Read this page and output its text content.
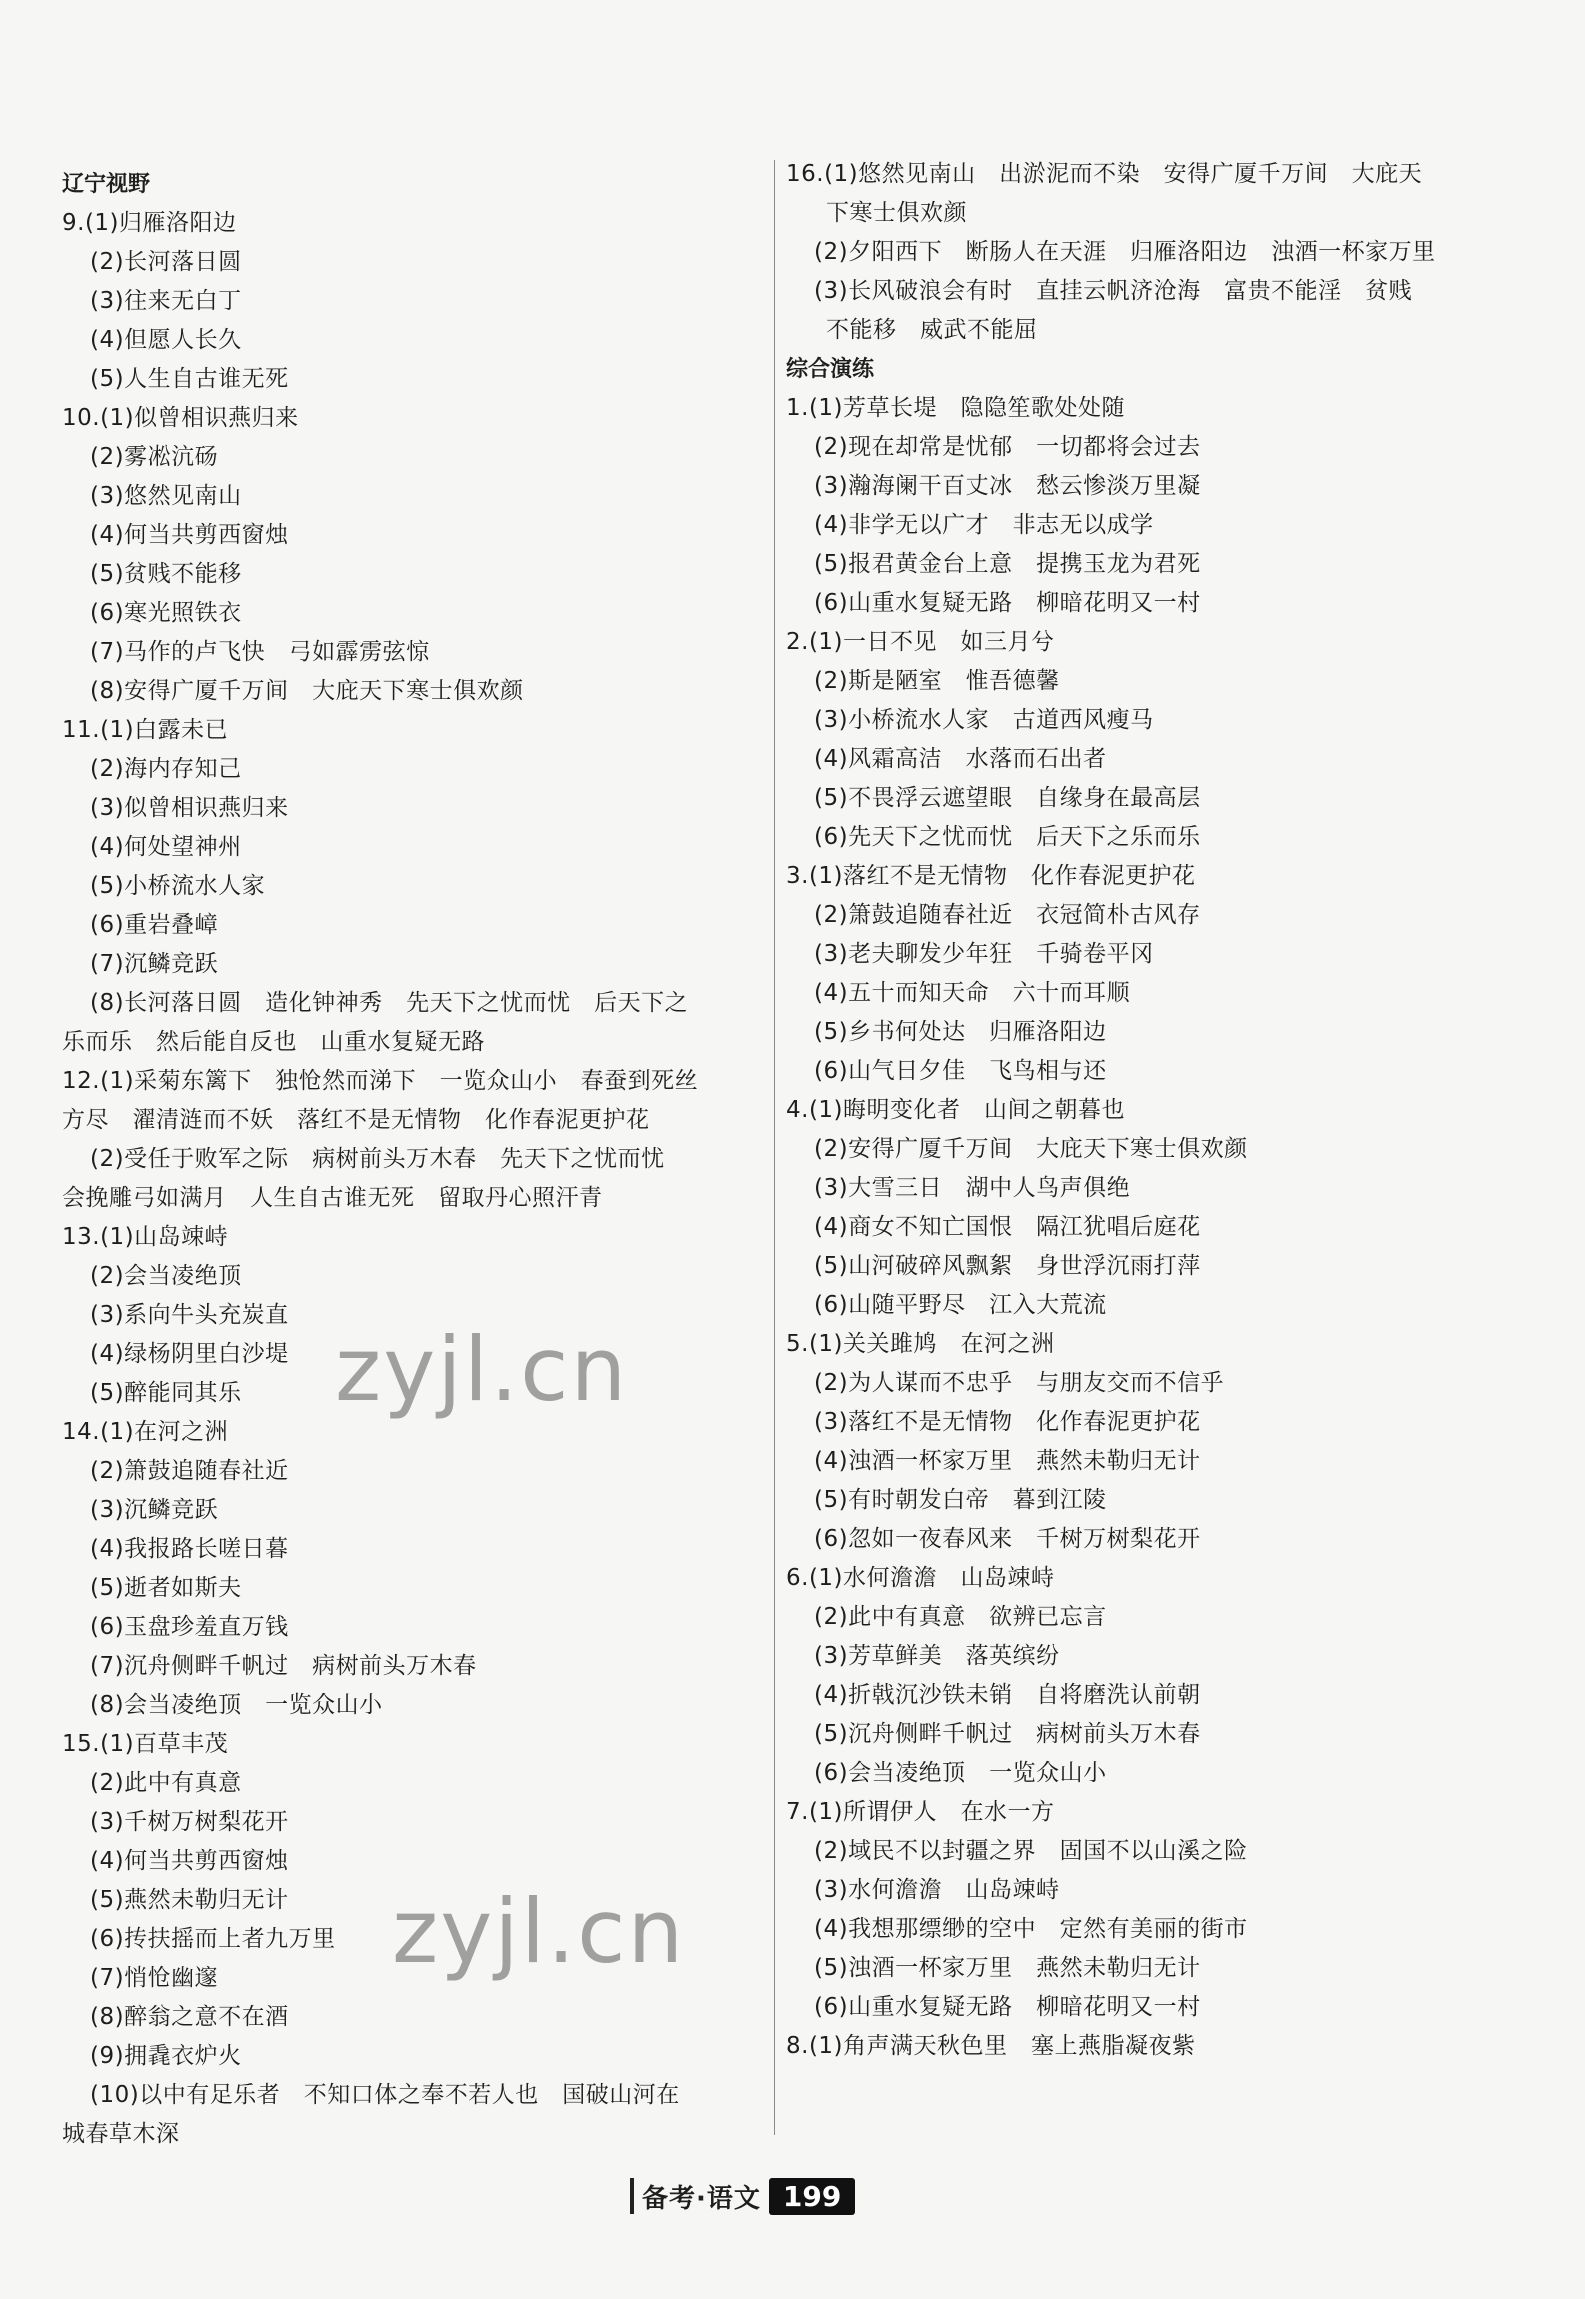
辽宁视野
9.(1)归雁洛阳边
(2)长河落日圆
(3)往来无白丁
(4)但愿人长久
(5)人生自古谁无死
10.(1)似曾相识燕归来
(2)雾凇沆砀
(3)悠然见南山
(4)何当共剪西窗烛
(5)贫贱不能移
(6)寒光照铁衣
(7)马作的卢飞快　弓如霹雳弦惊
(8)安得广厦千万间　大庇天下寒士俱欢颜
11.(1)白露未已
(2)海内存知己
(3)似曾相识燕归来
(4)何处望神州
(5)小桥流水人家
(6)重岩叠嶂
(7)沉鳞竞跃
(8)长河落日圆　造化钟神秀　先天下之忧而忧　后天下之
乐而乐　然后能自反也　山重水复疑无路
12.(1)采菊东篱下　独怆然而涕下　一览众山小　春蚕到死丝
方尽　濯清涟而不妖　落红不是无情物　化作春泥更护花
(2)受任于败军之际　病树前头万木春　先天下之忧而忧
会挽雕弓如满月　人生自古谁无死　留取丹心照汗青
13.(1)山岛竦峙
(2)会当凌绝顶
(3)系向牛头充炭直
(4)绿杨阴里白沙堤
(5)醉能同其乐
14.(1)在河之洲
(2)箫鼓追随春社近
(3)沉鳞竞跃
(4)我报路长嗟日暮
(5)逝者如斯夫
(6)玉盘珍羞直万钱
(7)沉舟侧畔千帆过　病树前头万木春
(8)会当凌绝顶　一览众山小
15.(1)百草丰茂
(2)此中有真意
(3)千树万树梨花开
(4)何当共剪西窗烛
(5)燕然未勒归无计
(6)抟扶摇而上者九万里
(7)悄怆幽邃
(8)醉翁之意不在酒
(9)拥毳衣炉火
(10)以中有足乐者　不知口体之奉不若人也　国破山河在
城春草木深
16.(1)悠然见南山　出淤泥而不染　安得广厦千万间　大庇天
下寒士俱欢颜
(2)夕阳西下　断肠人在天涯　归雁洛阳边　浊酒一杯家万里
(3)长风破浪会有时　直挂云帆济沧海　富贵不能淫　贫贱
不能移　威武不能屈
综合演练
1.(1)芳草长堤　隐隐笙歌处处随
(2)现在却常是忧郁　一切都将会过去
(3)瀚海阑干百丈冰　愁云惨淡万里凝
(4)非学无以广才　非志无以成学
(5)报君黄金台上意　提携玉龙为君死
(6)山重水复疑无路　柳暗花明又一村
2.(1)一日不见　如三月兮
(2)斯是陋室　惟吾德馨
(3)小桥流水人家　古道西风瘦马
(4)风霜高洁　水落而石出者
(5)不畏浮云遮望眼　自缘身在最高层
(6)先天下之忧而忧　后天下之乐而乐
3.(1)落红不是无情物　化作春泥更护花
(2)箫鼓追随春社近　衣冠简朴古风存
(3)老夫聊发少年狂　千骑卷平冈
(4)五十而知天命　六十而耳顺
(5)乡书何处达　归雁洛阳边
(6)山气日夕佳　飞鸟相与还
4.(1)晦明变化者　山间之朝暮也
(2)安得广厦千万间　大庇天下寒士俱欢颜
(3)大雪三日　湖中人鸟声俱绝
(4)商女不知亡国恨　隔江犹唱后庭花
(5)山河破碎风飘絮　身世浮沉雨打萍
(6)山随平野尽　江入大荒流
5.(1)关关雎鸠　在河之洲
(2)为人谋而不忠乎　与朋友交而不信乎
(3)落红不是无情物　化作春泥更护花
(4)浊酒一杯家万里　燕然未勒归无计
(5)有时朝发白帝　暮到江陵
(6)忽如一夜春风来　千树万树梨花开
6.(1)水何澹澹　山岛竦峙
(2)此中有真意　欲辨已忘言
(3)芳草鲜美　落英缤纷
(4)折戟沉沙铁未销　自将磨洗认前朝
(5)沉舟侧畔千帆过　病树前头万木春
(6)会当凌绝顶　一览众山小
7.(1)所谓伊人　在水一方
(2)域民不以封疆之界　固国不以山溪之险
(3)水何澹澹　山岛竦峙
(4)我想那缥缈的空中　定然有美丽的街市
(5)浊酒一杯家万里　燕然未勒归无计
(6)山重水复疑无路　柳暗花明又一村
8.(1)角声满天秋色里　塞上燕脂凝夜紫
zyjl.cn
zyjl.cn
备考·语文 199
